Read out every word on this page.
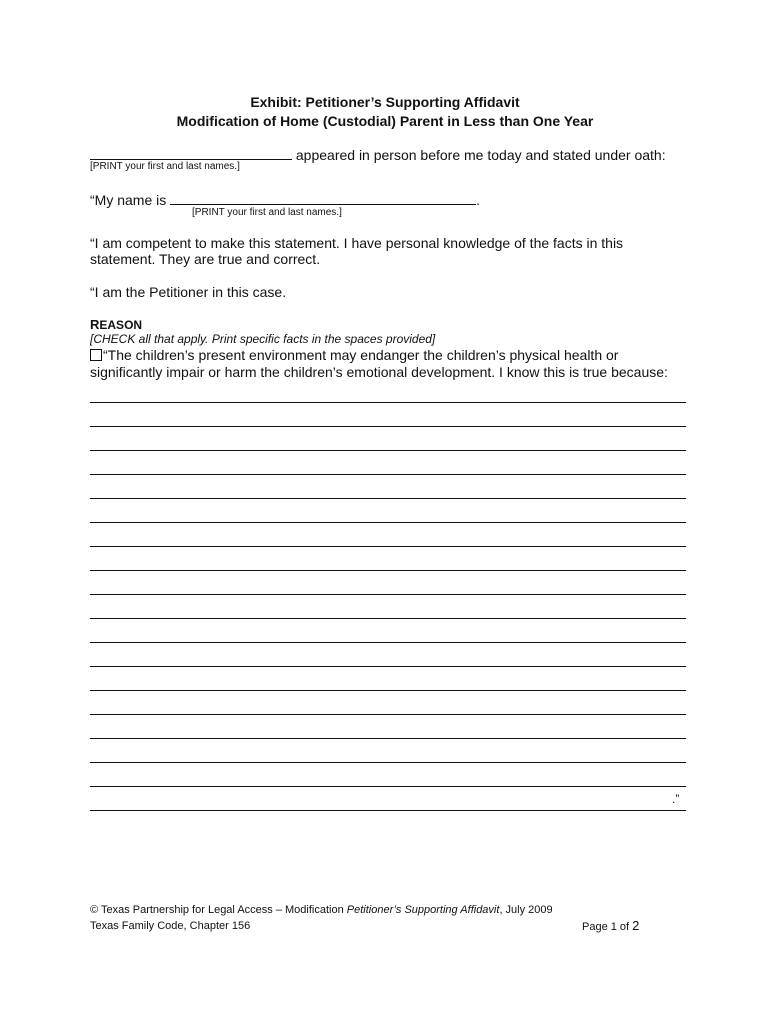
Exhibit: Petitioner’s Supporting Affidavit
Modification of Home (Custodial) Parent in Less than One Year
appeared in person before me today and stated under oath:
[PRINT your first and last names.]
“My name is	.
[PRINT your first and last names.]
“I am competent to make this statement. I have personal knowledge of the facts in this
statement. They are true and correct.
“I am the Petitioner in this case.
REASON
[CHECK all that apply. Print specific facts in the spaces provided]
“The children’s present environment may endanger the children’s physical health or
significantly impair or harm the children’s emotional development. I know this is true because:
.”
© Texas Partnership for Legal Access – Modification Petitioner’s Supporting Affidavit, July 2009
Texas Family Code, Chapter 156	Page 1 of 2
